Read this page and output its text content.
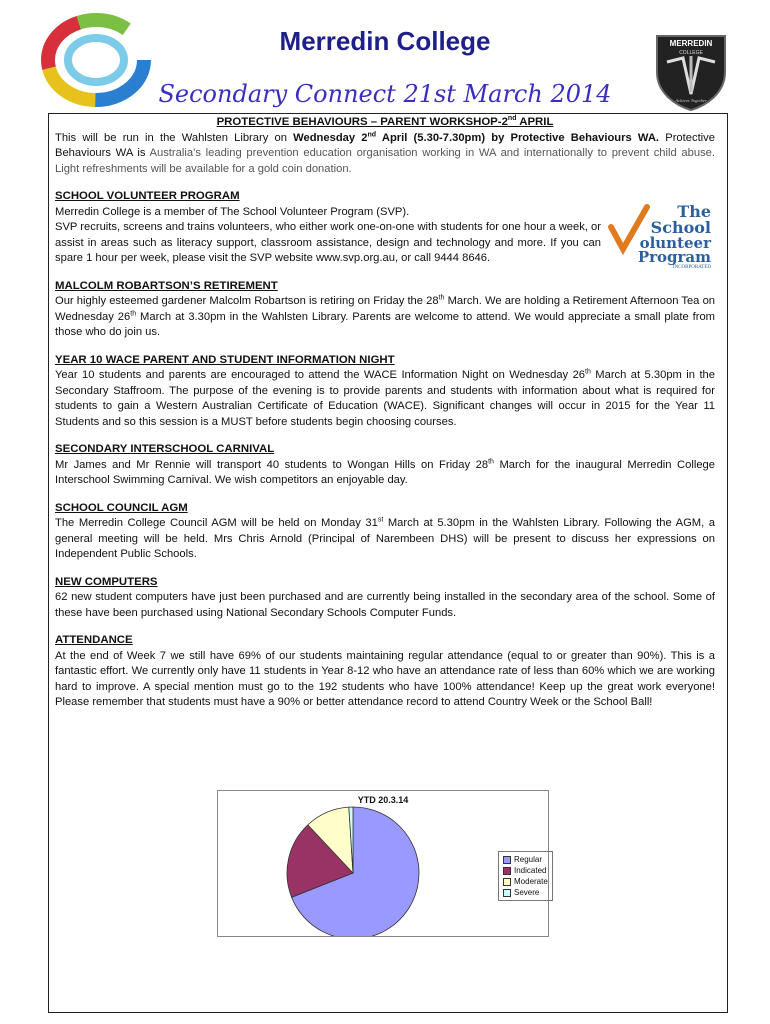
Merredin College
Secondary Connect 21st March 2014
MERREDIN
COLLEGE
Achieve Together
PROTECTIVE BEHAVIOURS – PARENT WORKSHOP-2nd APRIL

This will be run in the Wahlsten Library on Wednesday 2nd April (5.30-7.30pm) by Protective Behaviours WA. Protective Behaviours WA is Australia’s leading prevention education organisation working in WA and internationally to prevent child abuse. Light refreshments will be available for a gold coin donation.

SCHOOL VOLUNTEER PROGRAM

Merredin College is a member of The School Volunteer Program (SVP).

SVP recruits, screens and trains volunteers, who either work one-on-one with students for one hour a week, or assist in areas such as literacy support, classroom assistance, design and technology and more. If you can spare 1 hour per week, please visit the SVP website www.svp.org.au, or call 9444 8646.

The
School
olunteer
Program
INCORPORATED
MALCOLM ROBARTSON’S RETIREMENT

Our highly esteemed gardener Malcolm Robartson is retiring on Friday the 28th March. We are holding a Retirement Afternoon Tea on Wednesday 26th March at 3.30pm in the Wahlsten Library. Parents are welcome to attend. We would appreciate a small plate from those who do join us.

YEAR 10 WACE PARENT AND STUDENT INFORMATION NIGHT

Year 10 students and parents are encouraged to attend the WACE Information Night on Wednesday 26th March at 5.30pm in the Secondary Staffroom. The purpose of the evening is to provide parents and students with information about what is required for students to gain a Western Australian Certificate of Education (WACE). Significant changes will occur in 2015 for the Year 11 Students and so this session is a MUST before students begin choosing courses.

SECONDARY INTERSCHOOL CARNIVAL

Mr James and Mr Rennie will transport 40 students to Wongan Hills on Friday 28th March for the inaugural Merredin College Interschool Swimming Carnival. We wish competitors an enjoyable day.

SCHOOL COUNCIL AGM

The Merredin College Council AGM will be held on Monday 31st March at 5.30pm in the Wahlsten Library. Following the AGM, a general meeting will be held. Mrs Chris Arnold (Principal of Narembeen DHS) will be present to discuss her expressions on Independent Public Schools.

NEW COMPUTERS

62 new student computers have just been purchased and are currently being installed in the secondary area of the school. Some of these have been purchased using National Secondary Schools Computer Funds.

ATTENDANCE

At the end of Week 7 we still have 69% of our students maintaining regular attendance (equal to or greater than 90%). This is a fantastic effort. We currently only have 11 students in Year 8-12 who have an attendance rate of less than 60% which we are working hard to improve. A special mention must go to the 192 students who have 100% attendance! Keep up the great work everyone! Please remember that students must have a 90% or better attendance record to attend Country Week or the School Ball!

YTD 20.3.14
Regular
Indicated
Moderate
Severe
